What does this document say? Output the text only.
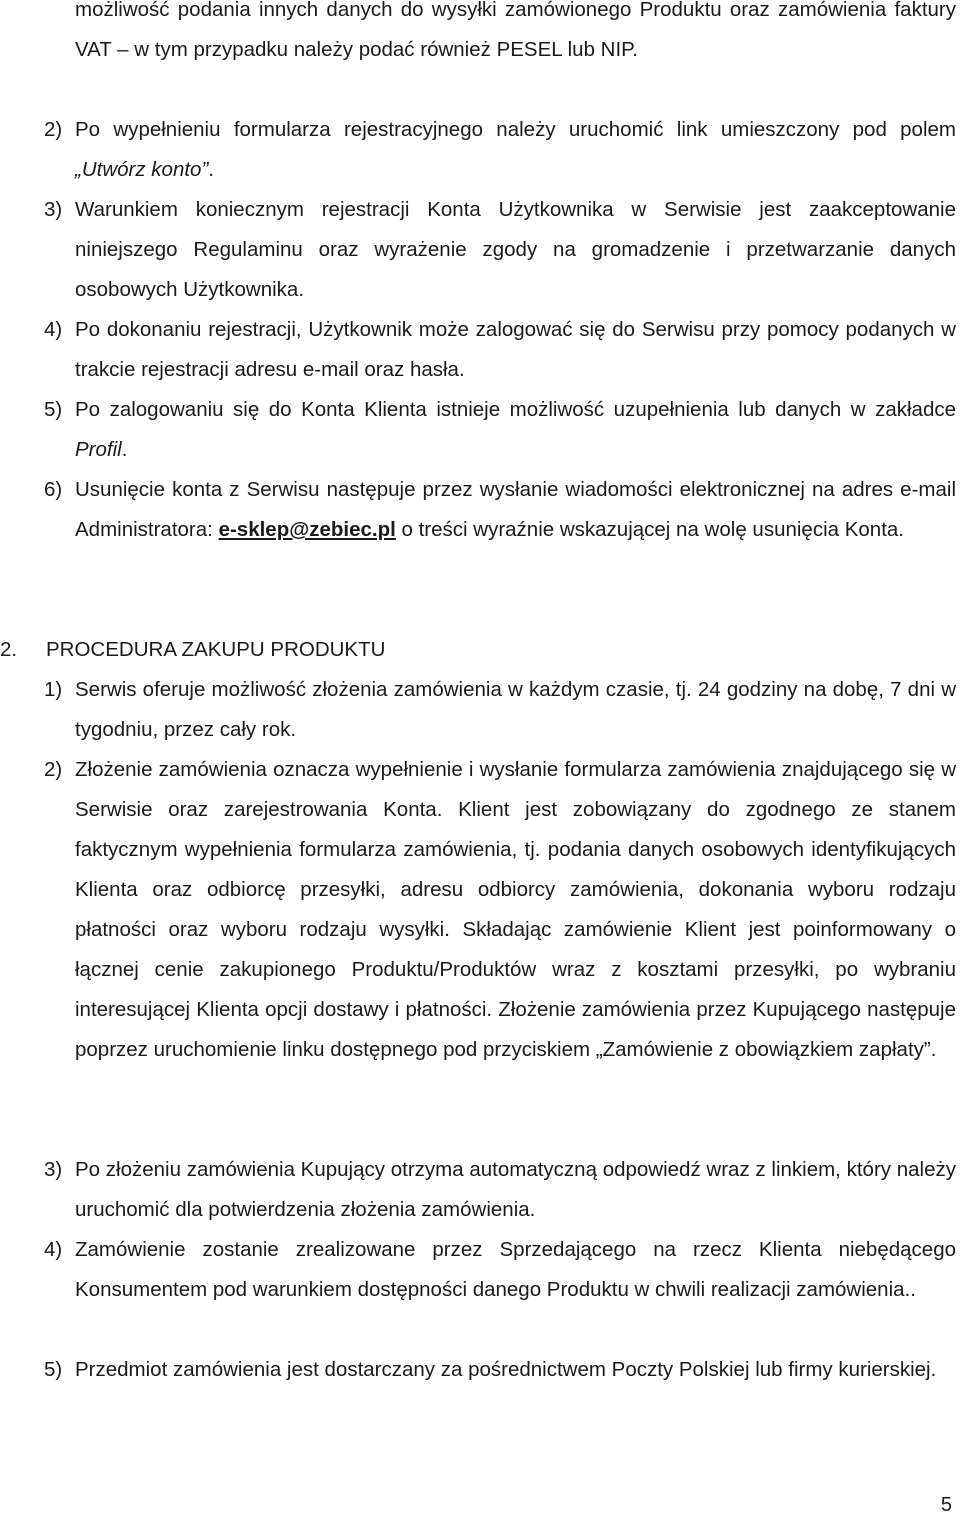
możliwość podania innych danych do wysyłki zamówionego Produktu oraz zamówienia faktury VAT – w tym przypadku należy podać również PESEL lub NIP.
2) Po wypełnieniu formularza rejestracyjnego należy uruchomić link umieszczony pod polem „Utwórz konto”.
3) Warunkiem koniecznym rejestracji Konta Użytkownika w Serwisie jest zaakceptowanie niniejszego Regulaminu oraz wyrażenie zgody na gromadzenie i przetwarzanie danych osobowych Użytkownika.
4) Po dokonaniu rejestracji, Użytkownik może zalogować się do Serwisu przy pomocy podanych w trakcie rejestracji adresu e-mail oraz hasła.
5) Po zalogowaniu się do Konta Klienta istnieje możliwość uzupełnienia lub danych w zakładce Profil.
6) Usunięcie konta z Serwisu następuje przez wysłanie wiadomości elektronicznej na adres e-mail Administratora: e-sklep@zebiec.pl o treści wyraźnie wskazującej na wolę usunięcia Konta.
2. PROCEDURA ZAKUPU PRODUKTU
1) Serwis oferuje możliwość złożenia zamówienia w każdym czasie, tj. 24 godziny na dobę, 7 dni w tygodniu, przez cały rok.
2) Złożenie zamówienia oznacza wypełnienie i wysłanie formularza zamówienia znajdującego się w Serwisie oraz zarejestrowania Konta. Klient jest zobowiązany do zgodnego ze stanem faktycznym wypełnienia formularza zamówienia, tj. podania danych osobowych identyfikujących Klienta oraz odbiorcę przesyłki, adresu odbiorcy zamówienia, dokonania wyboru rodzaju płatności oraz wyboru rodzaju wysyłki. Składając zamówienie Klient jest poinformowany o łącznej cenie zakupionego Produktu/Produktów wraz z kosztami przesyłki, po wybraniu interesującej Klienta opcji dostawy i płatności. Złożenie zamówienia przez Kupującego następuje poprzez uruchomienie linku dostępnego pod przyciskiem „Zamówienie z obowiązkiem zapłaty”.
3) Po złożeniu zamówienia Kupujący otrzyma automatyczną odpowiedź wraz z linkiem, który należy uruchomić dla potwierdzenia złożenia zamówienia.
4) Zamówienie zostanie zrealizowane przez Sprzedającego na rzecz Klienta niebędącego Konsumentem pod warunkiem dostępności danego Produktu w chwili realizacji zamówienia..
5) Przedmiot zamówienia jest dostarczany za pośrednictwem Poczty Polskiej lub firmy kurierskiej.
5
